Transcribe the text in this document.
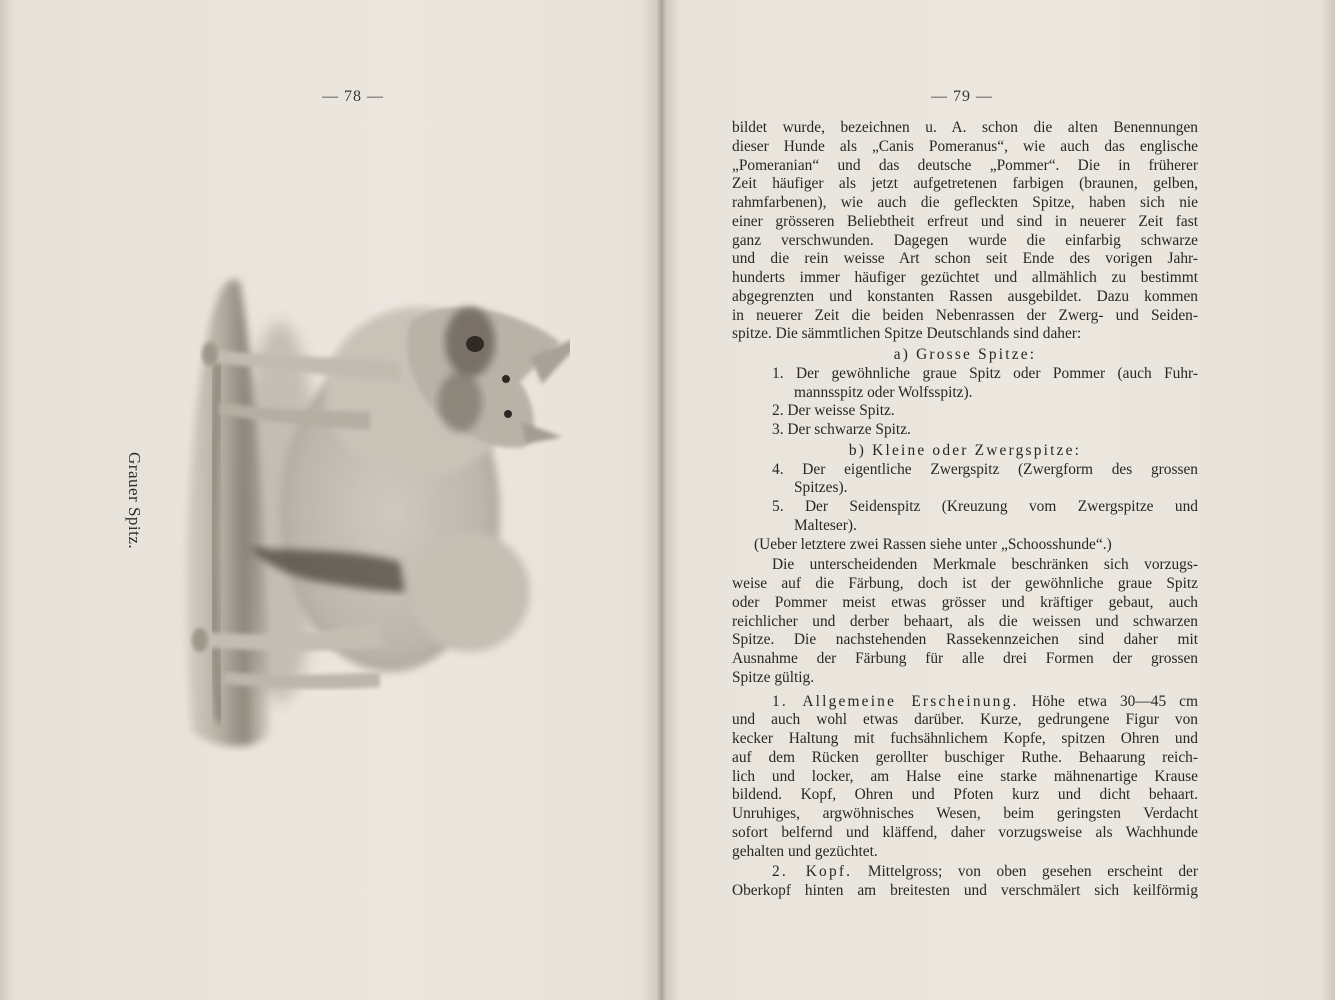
— 78 —
Grauer Spitz.
— 79 —

bildet wurde, bezeichnen u. A. schon die alten Benennungen

dieser Hunde als „Canis Pomeranus“, wie auch das englische

„Pomeranian“ und das deutsche „Pommer“. Die in früherer

Zeit häufiger als jetzt aufgetretenen farbigen (braunen, gelben,

rahmfarbenen), wie auch die gefleckten Spitze, haben sich nie

einer grösseren Beliebtheit erfreut und sind in neuerer Zeit fast

ganz verschwunden. Dagegen wurde die einfarbig schwarze

und die rein weisse Art schon seit Ende des vorigen Jahr-

hunderts immer häufiger gezüchtet und allmählich zu bestimmt

abgegrenzten und konstanten Rassen ausgebildet. Dazu kommen

in neuerer Zeit die beiden Nebenrassen der Zwerg- und Seiden-

spitze. Die sämmtlichen Spitze Deutschlands sind daher:

a) Grosse Spitze:

1. Der gewöhnliche graue Spitz oder Pommer (auch Fuhr-

mannsspitz oder Wolfsspitz).

2. Der weisse Spitz.

3. Der schwarze Spitz.

b) Kleine oder Zwergspitze:

4. Der eigentliche Zwergspitz (Zwergform des grossen

Spitzes).

5. Der Seidenspitz (Kreuzung vom Zwergspitze und

Malteser).

(Ueber letztere zwei Rassen siehe unter „Schoosshunde“.)

Die unterscheidenden Merkmale beschränken sich vorzugs-

weise auf die Färbung, doch ist der gewöhnliche graue Spitz

oder Pommer meist etwas grösser und kräftiger gebaut, auch

reichlicher und derber behaart, als die weissen und schwarzen

Spitze. Die nachstehenden Rassekennzeichen sind daher mit

Ausnahme der Färbung für alle drei Formen der grossen

Spitze gültig.

1. Allgemeine Erscheinung. Höhe etwa 30—45 cm

und auch wohl etwas darüber. Kurze, gedrungene Figur von

kecker Haltung mit fuchsähnlichem Kopfe, spitzen Ohren und

auf dem Rücken gerollter buschiger Ruthe. Behaarung reich-

lich und locker, am Halse eine starke mähnenartige Krause

bildend. Kopf, Ohren und Pfoten kurz und dicht behaart.

Unruhiges, argwöhnisches Wesen, beim geringsten Verdacht

sofort belfernd und kläffend, daher vorzugsweise als Wachhunde

gehalten und gezüchtet.

2. Kopf. Mittelgross; von oben gesehen erscheint der

Oberkopf hinten am breitesten und verschmälert sich keilförmig
